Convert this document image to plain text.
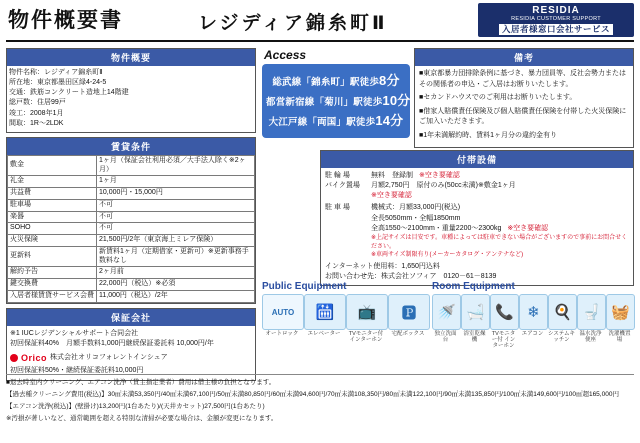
物件概要書	レジディア錦糸町Ⅱ
RESIDIA
RESIDIA CUSTOMER SUPPORT
入居者様窓口会社サービス
物件概要
物件名称：レジディア錦糸町Ⅱ
所在地：東京都墨田区緑4-24-5
交通：鉄筋コンクリート造地上14階建
総戸数：住居99戸
竣工：2008年1月
間取：1R～2LDK
賃貸条件
敷金	1ヶ月（保証会社利用必須／大手法人除く※2ヶ月）
礼金	1ヶ月
共益費	10,000円・15,000円
駐車場	不可
楽器	不可
SOHO	不可
火災保険	21,500円/2年（東京海上ミレア保険）
更新料	新賃料1ヶ月（定期借家・更新可）※更新事務手数料なし
解約予告	2ヶ月前
鍵交換費	22,000円（税込）※必須
入居者様賃貸サービス会費	11,000円（税込）/2年
保証会社
※1 IUCレジデンシャルサポート合同会社
初回保証料40%　月額手数料1,000円継続保証委託料 10,000円/年
Orico 株式会社オリコフォレントインシュア
初回保証料50%・継続保証委託料10,000円
Access
総武線「錦糸町」駅徒歩8分
都営新宿線「菊川」駅徒歩10分
大江戸線「両国」駅徒歩14分
備考

■東京都暴力団排除条例に基づき、暴力団員等、反社会勢力またはその関係者の申込・ご入居はお断りいたします。

■セカンドハウスでのご利用はお断りいたします。

■借家人賠償責任保険及び個人賠償責任保険を付帯した火災保険にご加入いただきます。

■1年未満解約時、賃料1ヶ月分の違約金有り

付帯設備
駐 輪 場	無料　登録制 ※空き要確認
バイク置場	月額2,750円　原付のみ(50cc未満)※敷金1ヶ月
※空き要確認
駐 車 場	機械式：月額33,000円(税込)
全長5050mm・全幅1850mm
全高1550～2100mm・重量2200～2300kg ※空き要確認
※上記サイズは目安です。車種によっては駐車できない場合がございますので事前にお問合せください。
※車両サイズ制限有り(メーカーカタログ・アンテナなど)
インターネット使用料：1,650円込料
お問い合わせ先：株式会社ソフィア　0120－61－8139
Public Equipment
AUTO
オートロック
🛗
エレベーター
📺
TVモニター付 インターホン
🅿
宅配ボックス
Room Equipment
🚿
独立洗面台
🛁
浴室乾燥機
📞
TVモニター付 インターホン
❄
エアコン
🍳
システムキッチン
🚽
温水洗浄便座
🧺
洗濯機置場

■退去時室内クリーニング、エアコン洗浄（貸主指定業者）費用は借主様の負担となります。

【過去種クリーニング費用(税込)】30㎡未満53,350円/40㎡未満67,100円/50㎡未満80,850円/60㎡未満94,600円/70㎡未満108,350円/80㎡未満122,100円/90㎡未満135,850円/100㎡未満149,600円/100㎡超165,000円

【エアコン洗浄(税込)】(壁掛け)13,200円(1台あたり)/(天井カセット)27,500円(1台あたり)

※汚損が著しいなど、通常範囲を超える特別な清掃が必要な場合は、金額が変更になります。
